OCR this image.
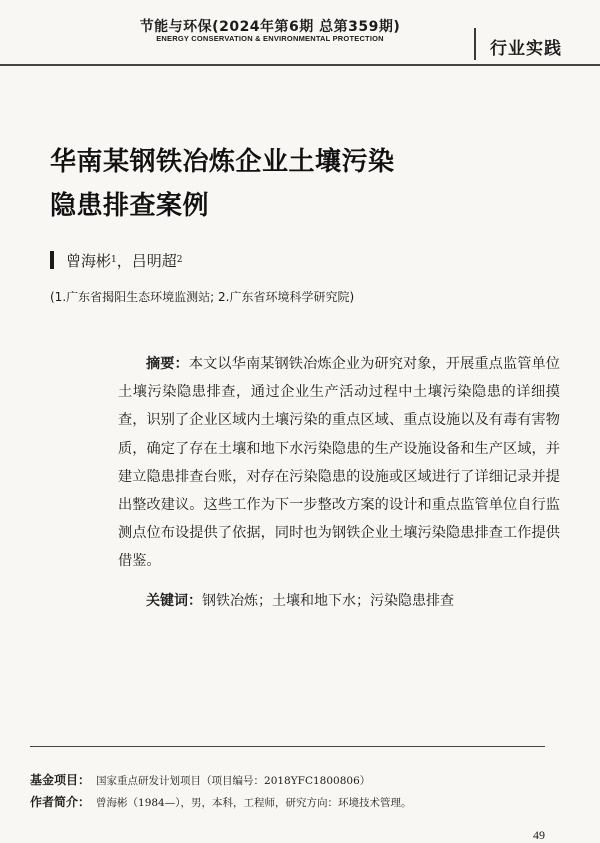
节能与环保(2024年第6期 总第359期)
ENERGY CONSERVATION & ENVIRONMENTAL PROTECTION
行业实践
华南某钢铁冶炼企业土壤污染
隐患排查案例
曾海彬 1 ， 吕明超 2
(1.广东省揭阳生态环境监测站; 2.广东省环境科学研究院)
摘要：本文以华南某钢铁冶炼企业为研究对象，开展重点监管单位土壤污染隐患排查，通过企业生产活动过程中土壤污染隐患的详细摸查，识别了企业区域内土壤污染的重点区域、重点设施以及有毒有害物质，确定了存在土壤和地下水污染隐患的生产设施设备和生产区域，并建立隐患排查台账，对存在污染隐患的设施或区域进行了详细记录并提出整改建议。这些工作为下一步整改方案的设计和重点监管单位自行监测点位布设提供了依据，同时也为钢铁企业土壤污染隐患排查工作提供借鉴。
关键词：钢铁冶炼；土壤和地下水；污染隐患排查
基金项目： 国家重点研发计划项目（项目编号：2018YFC1800806）
作者简介： 曾海彬（1984—），男，本科，工程师，研究方向：环境技术管理。
49
